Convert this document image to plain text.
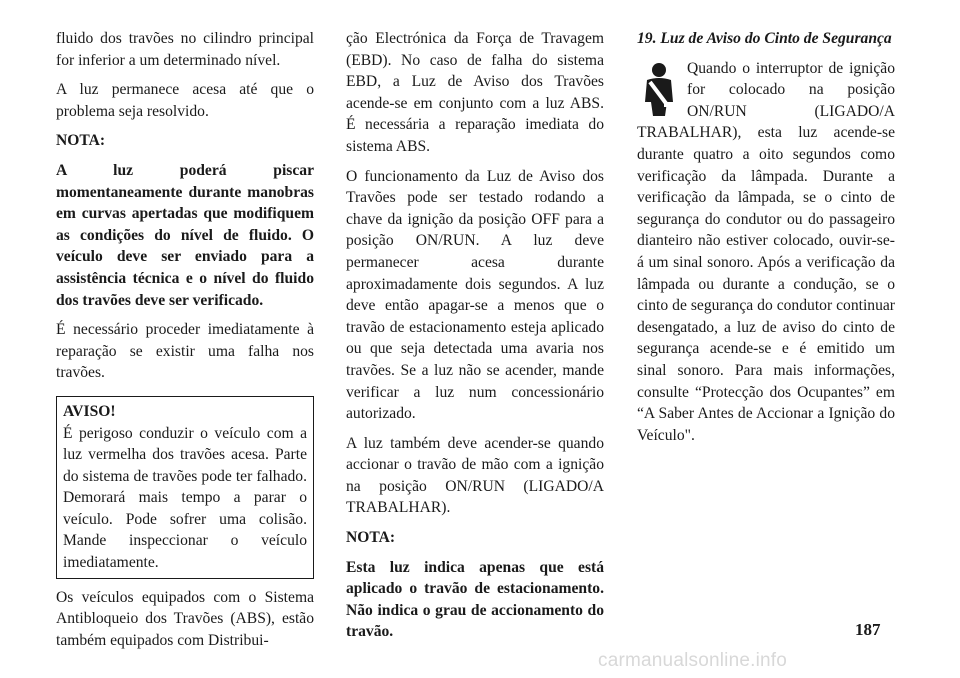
fluido dos travões no cilindro principal for inferior a um determinado nível.

A luz permanece acesa até que o problema seja resolvido.

NOTA:

A luz poderá piscar momentaneamente durante manobras em curvas apertadas que modifiquem as condições do nível de fluido. O veículo deve ser enviado para a assistência técnica e o nível do fluido dos travões deve ser verificado.

É necessário proceder imediatamente à reparação se existir uma falha nos travões.

AVISO!
É perigoso conduzir o veículo com a luz vermelha dos travões acesa. Parte do sistema de travões pode ter falhado. Demorará mais tempo a parar o veículo. Pode sofrer uma colisão. Mande inspeccionar o veículo imediatamente.

Os veículos equipados com o Sistema Antibloqueio dos Travões (ABS), estão também equipados com Distribui-

ção Electrónica da Força de Travagem (EBD). No caso de falha do sistema EBD, a Luz de Aviso dos Travões acende-se em conjunto com a luz ABS. É necessária a reparação imediata do sistema ABS.

O funcionamento da Luz de Aviso dos Travões pode ser testado rodando a chave da ignição da posição OFF para a posição ON/RUN. A luz deve permanecer acesa durante aproximadamente dois segundos. A luz deve então apagar-se a menos que o travão de estacionamento esteja aplicado ou que seja detectada uma avaria nos travões. Se a luz não se acender, mande verificar a luz num concessionário autorizado.

A luz também deve acender-se quando accionar o travão de mão com a ignição na posição ON/RUN (LIGADO/A TRABALHAR).

NOTA:

Esta luz indica apenas que está aplicado o travão de estacionamento. Não indica o grau de accionamento do travão.

19. Luz de Aviso do Cinto de Segurança

Quando o interruptor de ignição for colocado na posição ON/RUN (LIGADO/A TRABALHAR), esta luz acende-se durante quatro a oito segundos como verificação da lâmpada. Durante a verificação da lâmpada, se o cinto de segurança do condutor ou do passageiro dianteiro não estiver colocado, ouvir-se-á um sinal sonoro. Após a verificação da lâmpada ou durante a condução, se o cinto de segurança do condutor continuar desengatado, a luz de aviso do cinto de segurança acende-se e é emitido um sinal sonoro. Para mais informações, consulte “Protecção dos Ocupantes” em “A Saber Antes de Accionar a Ignição do Veículo".

187
carmanualsonline.info
